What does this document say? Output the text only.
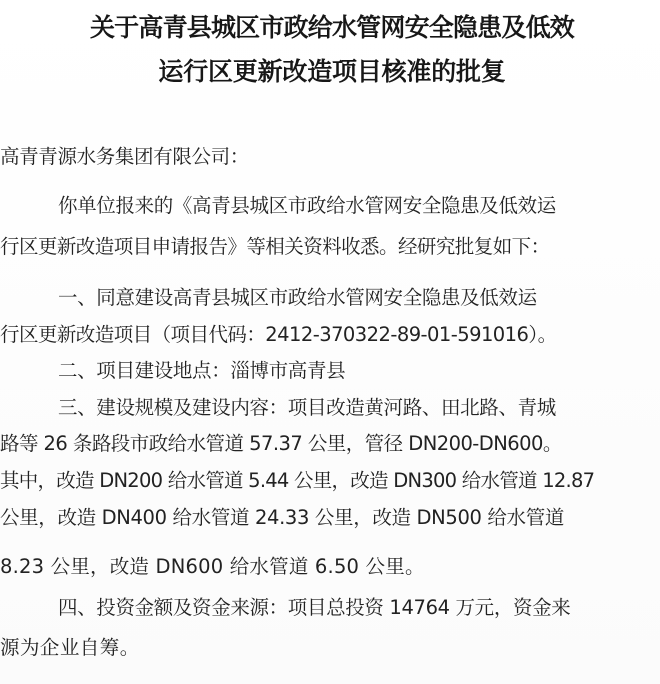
关于高青县城区市政给水管网安全隐患及低效
运行区更新改造项目核准的批复
高青青源水务集团有限公司：
你单位报来的《高青县城区市政给水管网安全隐患及低效运
行区更新改造项目申请报告》等相关资料收悉。经研究批复如下：
一、同意建设高青县城区市政给水管网安全隐患及低效运
行区更新改造项目（项目代码：2412-370322-89-01-591016）。
二、项目建设地点：淄博市高青县
三、建设规模及建设内容：项目改造黄河路、田北路、青城
路等 26 条路段市政给水管道 57.37 公里，管径 DN200-DN600。
其中，改造 DN200 给水管道 5.44 公里，改造 DN300 给水管道 12.87
公里，改造 DN400 给水管道 24.33 公里，改造 DN500 给水管道
8.23 公里，改造 DN600 给水管道 6.50 公里。
四、投资金额及资金来源：项目总投资 14764 万元，资金来
源为企业自筹。
